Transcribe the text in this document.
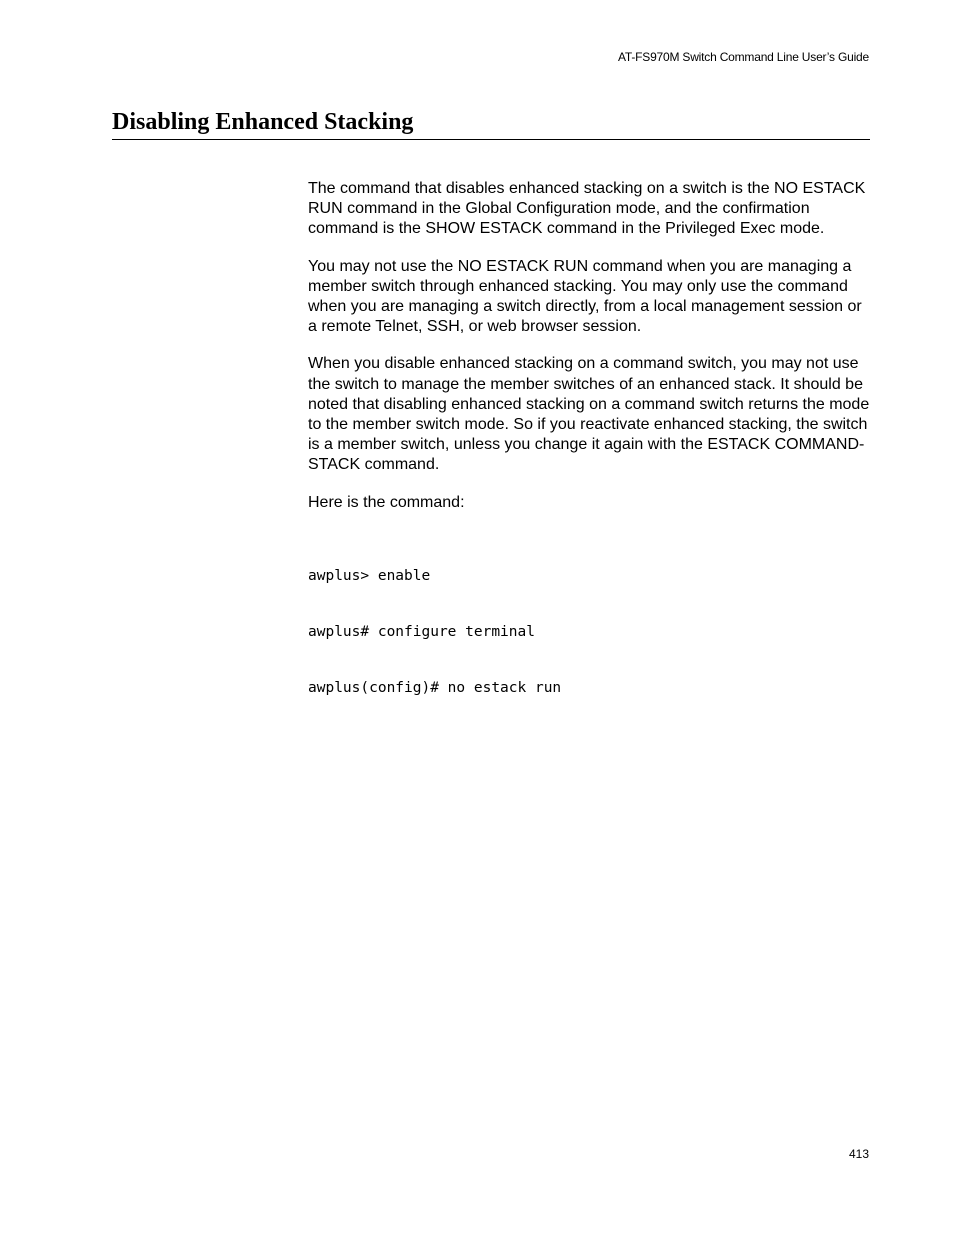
AT-FS970M Switch Command Line User’s Guide
Disabling Enhanced Stacking

The command that disables enhanced stacking on a switch is the NO ESTACK RUN command in the Global Configuration mode, and the confirmation command is the SHOW ESTACK command in the Privileged Exec mode.

You may not use the NO ESTACK RUN command when you are managing a member switch through enhanced stacking. You may only use the command when you are managing a switch directly, from a local management session or a remote Telnet, SSH, or web browser session.

When you disable enhanced stacking on a command switch, you may not use the switch to manage the member switches of an enhanced stack. It should be noted that disabling enhanced stacking on a command switch returns the mode to the member switch mode. So if you reactivate enhanced stacking, the switch is a member switch, unless you change it again with the ESTACK COMMAND-STACK command.

Here is the command:

awplus> enable

awplus# configure terminal

awplus(config)# no estack run

413
